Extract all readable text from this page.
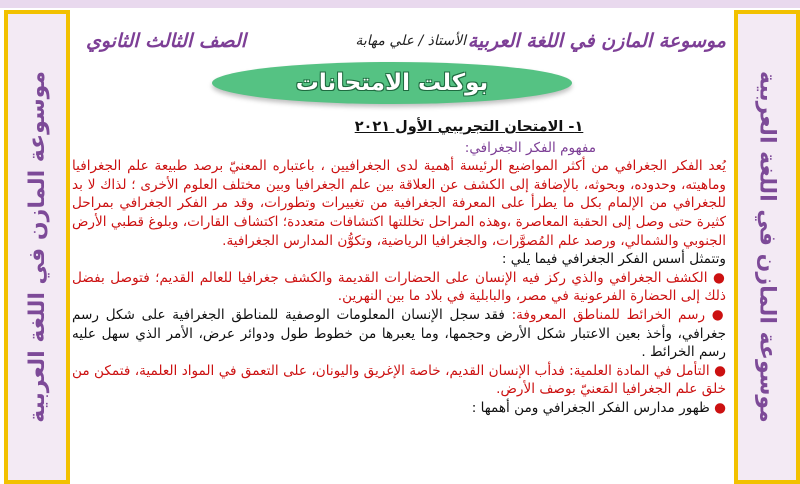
موسوعة المازن في اللغة العربية	موسوعة المازن في اللغة العربية
موسوعة المازن في اللغة العربية
الأستاذ / علي مهابة
الصف الثالث الثانوي
بوكلت الامتحانات
١- الامتحان التجريبي الأول ٢٠٢١
مفهوم الفكر الجغرافي:

يُعد الفكر الجغرافي من أكثر المواضيع الرئيسة أهمية لدى الجغرافيين ، باعتباره المعنيّ برصد طبيعة علم الجغرافيا وماهيته، وحدوده، وبحوثه، بالإضافة إلى الكشف عن العلاقة بين علم الجغرافيا وبين مختلف العلوم الأخرى ؛ لذاك لا بد للجغرافي من الإلمام بكل ما يطرأ على المعرفة الجغرافية من تغييرات وتطورات، وقد مر الفكر الجغرافي بمراحل كثيرة حتى وصل إلى الحقبة المعاصرة ،وهذه المراحل تخللتها اكتشافات متعددة؛ اكتشاف القارات، وبلوغ قطبي الأرض الجنوبي والشمالي، ورصد علم المُصوَّرات، والجغرافيا الرياضية، وتكوُّن المدارس الجغرافية.

وتتمثل أسس الفكر الجغرافي فيما يلي :

● الكشف الجغرافي والذي ركز فيه الإنسان على الحضارات القديمة والكشف جغرافيا للعالم القديم؛ فتوصل بفضل ذلك إلى الحضارة الفرعونية في مصر، والبابلية في بلاد ما بين النهرين.

● رسم الخرائط للمناطق المعروفة: فقد سجل الإنسان المعلومات الوصفية للمناطق الجغرافية على شكل رسم جغرافي، وأخذ بعين الاعتبار شكل الأرض وحجمها، وما يعبرها من خطوط طول ودوائر عرض، الأمر الذي سهل عليه رسم الخرائط .

● التأمل في المادة العلمية: فدأب الإنسان القديم، خاصة الإغريق واليونان، على التعمق في المواد العلمية، فتمكن من خلق علم الجغرافيا المَعنيّ بوصف الأرض.

● ظهور مدارس الفكر الجغرافي ومن أهمها :
